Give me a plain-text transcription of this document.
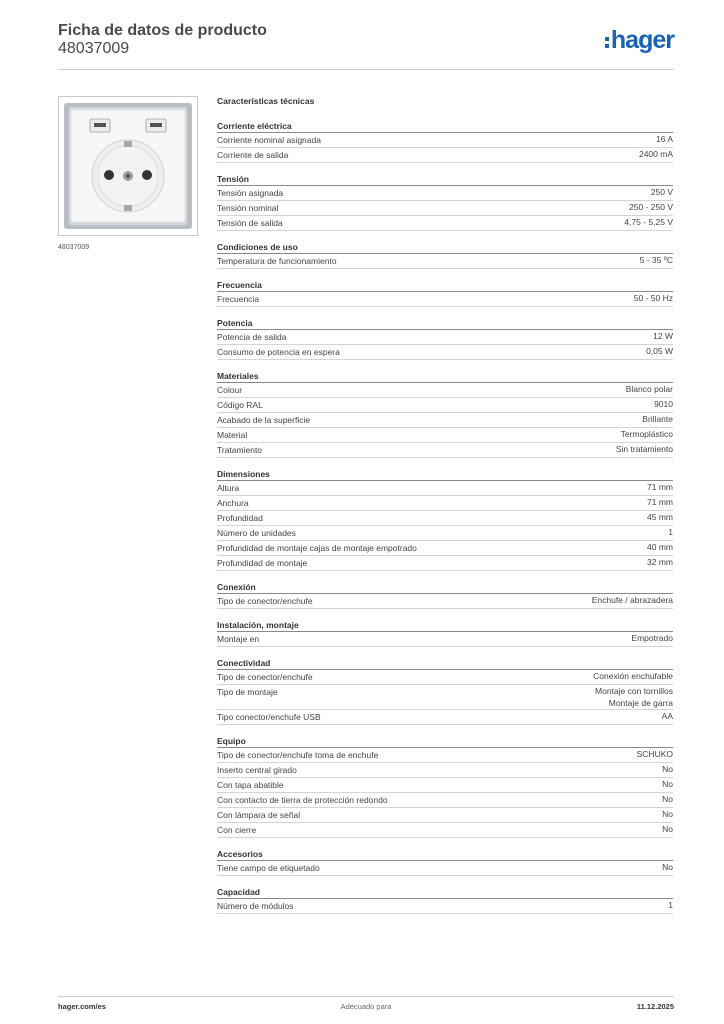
Ficha de datos de producto
48037009	hager
48037009
Características técnicas
Corriente eléctrica
Corriente nominal asignada	16 A
Corriente de salida	2400 mA
Tensión
Tensión asignada	250 V
Tensión nominal	250 - 250 V
Tensión de salida	4,75 - 5,25 V
Condiciones de uso
Temperatura de funcionamiento	5 - 35 ºC
Frecuencia
Frecuencia	50 - 50 Hz
Potencia
Potencia de salida	12 W
Consumo de potencia en espera	0,05 W
Materiales
Colour	Blanco polar
Código RAL	9010
Acabado de la superficie	Brillante
Material	Termoplástico
Tratamiento	Sin tratamiento
Dimensiones
Altura	71 mm
Anchura	71 mm
Profundidad	45 mm
Número de unidades	1
Profundidad de montaje cajas de montaje empotrado	40 mm
Profundidad de montaje	32 mm
Conexión
Tipo de conector/enchufe	Enchufe / abrazadera
Instalación, montaje
Montaje en	Empotrado
Conectividad
Tipo de conector/enchufe	Conexión enchufable
Tipo de montaje	Montaje con tornillos
Montaje de garra
Tipo conector/enchufe USB	AA
Equipo
Tipo de conector/enchufe toma de enchufe	SCHUKO
Inserto central girado	No
Con tapa abatible	No
Con contacto de tierra de protección redondo	No
Con lámpara de señal	No
Con cierre	No
Accesorios
Tiene campo de etiquetado	No
Capacidad
Número de módulos	1
hager.com/es	Adecuado para	11.12.2025
